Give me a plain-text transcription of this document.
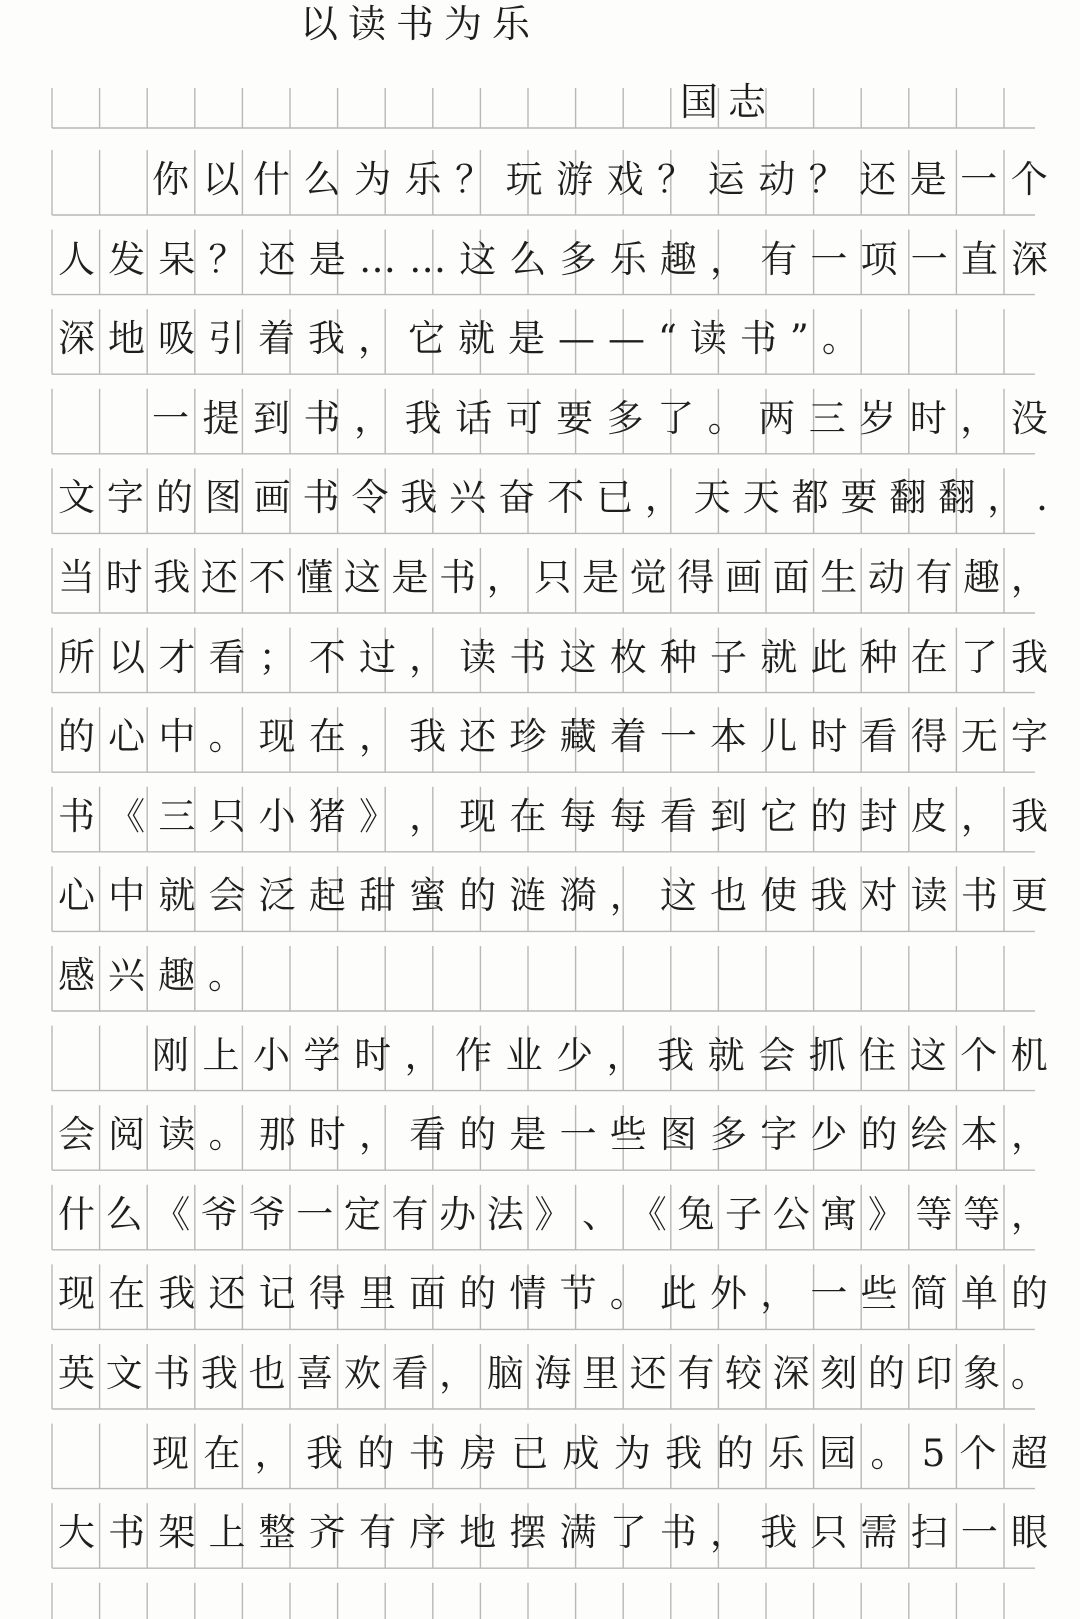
以读书为乐
国志
你 以 什 么 为 乐 ？ 玩 游 戏 ？ 运 动 ？ 还 是 一 个
人 发 呆 ？ 还 是 … … 这 么 多 乐 趣 ， 有 一 项 一 直 深
深 地 吸 引 着 我 ， 它 就 是 — — “ 读 书 ” 。
一 提 到 书 ， 我 话 可 要 多 了 。 两 三 岁 时 ， 没
文 字 的 图 画 书 令 我 兴 奋 不 已 ， 天 天 都 要 翻 翻 ， .
当 时 我 还 不 懂 这 是 书 ， 只 是 觉 得 画 面 生 动 有 趣 ，
所 以 才 看 ； 不 过 ， 读 书 这 枚 种 子 就 此 种 在 了 我
的 心 中 。 现 在 ， 我 还 珍 藏 着 一 本 儿 时 看 得 无 字
书 《 三 只 小 猪 》 ， 现 在 每 每 看 到 它 的 封 皮 ， 我
心 中 就 会 泛 起 甜 蜜 的 涟 漪 ， 这 也 使 我 对 读 书 更
感 兴 趣 。
刚 上 小 学 时 ， 作 业 少 ， 我 就 会 抓 住 这 个 机
会 阅 读 。 那 时 ， 看 的 是 一 些 图 多 字 少 的 绘 本 ，
什 么 《 爷 爷 一 定 有 办 法 》 、 《 兔 子 公 寓 》 等 等 ，
现 在 我 还 记 得 里 面 的 情 节 。 此 外 ， 一 些 简 单 的
英 文 书 我 也 喜 欢 看 ， 脑 海 里 还 有 较 深 刻 的 印 象 。
现 在 ， 我 的 书 房 已 成 为 我 的 乐 园 。 5 个 超
大 书 架 上 整 齐 有 序 地 摆 满 了 书 ， 我 只 需 扫 一 眼
